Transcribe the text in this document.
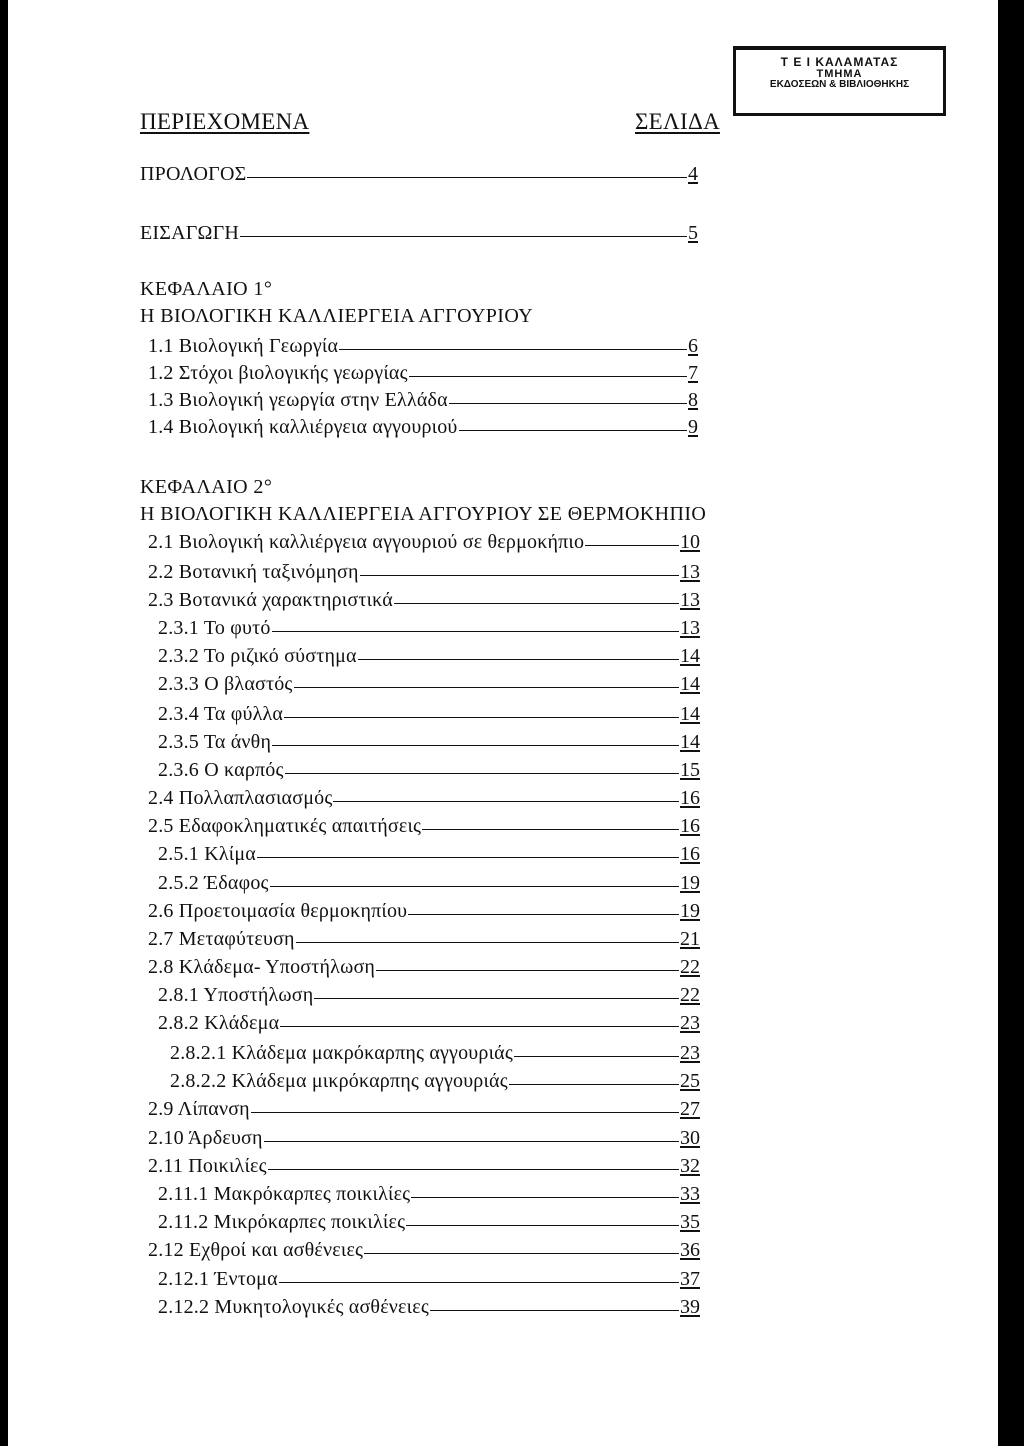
Τ Ε Ι ΚΑΛΑΜΑΤΑΣ
ΤΜΗΜΑ
ΕΚΔΟΣΕΩΝ & ΒΙΒΛΙΟΘΗΚΗΣ
ΠΕΡΙΕΧΟΜΕΝΑ	ΣΕΛΙΔΑ
ΠΡΟΛΟΓΟΣ	4
ΕΙΣΑΓΩΓΗ	5
ΚΕΦΑΛΑΙΟ 1°
Η ΒΙΟΛΟΓΙΚΗ ΚΑΛΛΙΕΡΓΕΙΑ ΑΓΓΟΥΡΙΟΥ
1.1 Βιολογική Γεωργία	6
1.2 Στόχοι βιολογικής γεωργίας	7
1.3 Βιολογική γεωργία στην Ελλάδα	8
1.4 Βιολογική καλλιέργεια αγγουριού	9
ΚΕΦΑΛΑΙΟ 2°
Η ΒΙΟΛΟΓΙΚΗ ΚΑΛΛΙΕΡΓΕΙΑ ΑΓΓΟΥΡΙΟΥ ΣΕ ΘΕΡΜΟΚΗΠΙΟ
2.1 Βιολογική καλλιέργεια αγγουριού σε θερμοκήπιο	10
2.2 Βοτανική ταξινόμηση	13
2.3 Βοτανικά χαρακτηριστικά	13
2.3.1 Το φυτό	13
2.3.2 Το ριζικό σύστημα	14
2.3.3 Ο βλαστός	14
2.3.4 Τα φύλλα	14
2.3.5 Τα άνθη	14
2.3.6 Ο καρπός	15
2.4 Πολλαπλασιασμός	16
2.5 Εδαφοκληματικές απαιτήσεις	16
2.5.1 Κλίμα	16
2.5.2 Έδαφος	19
2.6 Προετοιμασία θερμοκηπίου	19
2.7 Μεταφύτευση	21
2.8 Κλάδεμα- Υποστήλωση	22
2.8.1 Υποστήλωση	22
2.8.2 Κλάδεμα	23
2.8.2.1 Κλάδεμα μακρόκαρπης αγγουριάς	23
2.8.2.2 Κλάδεμα μικρόκαρπης αγγουριάς	25
2.9 Λίπανση	27
2.10 Άρδευση	30
2.11 Ποικιλίες	32
2.11.1 Μακρόκαρπες ποικιλίες	33
2.11.2 Μικρόκαρπες ποικιλίες	35
2.12 Εχθροί και ασθένειες	36
2.12.1 Έντομα	37
2.12.2 Μυκητολογικές ασθένειες	39
